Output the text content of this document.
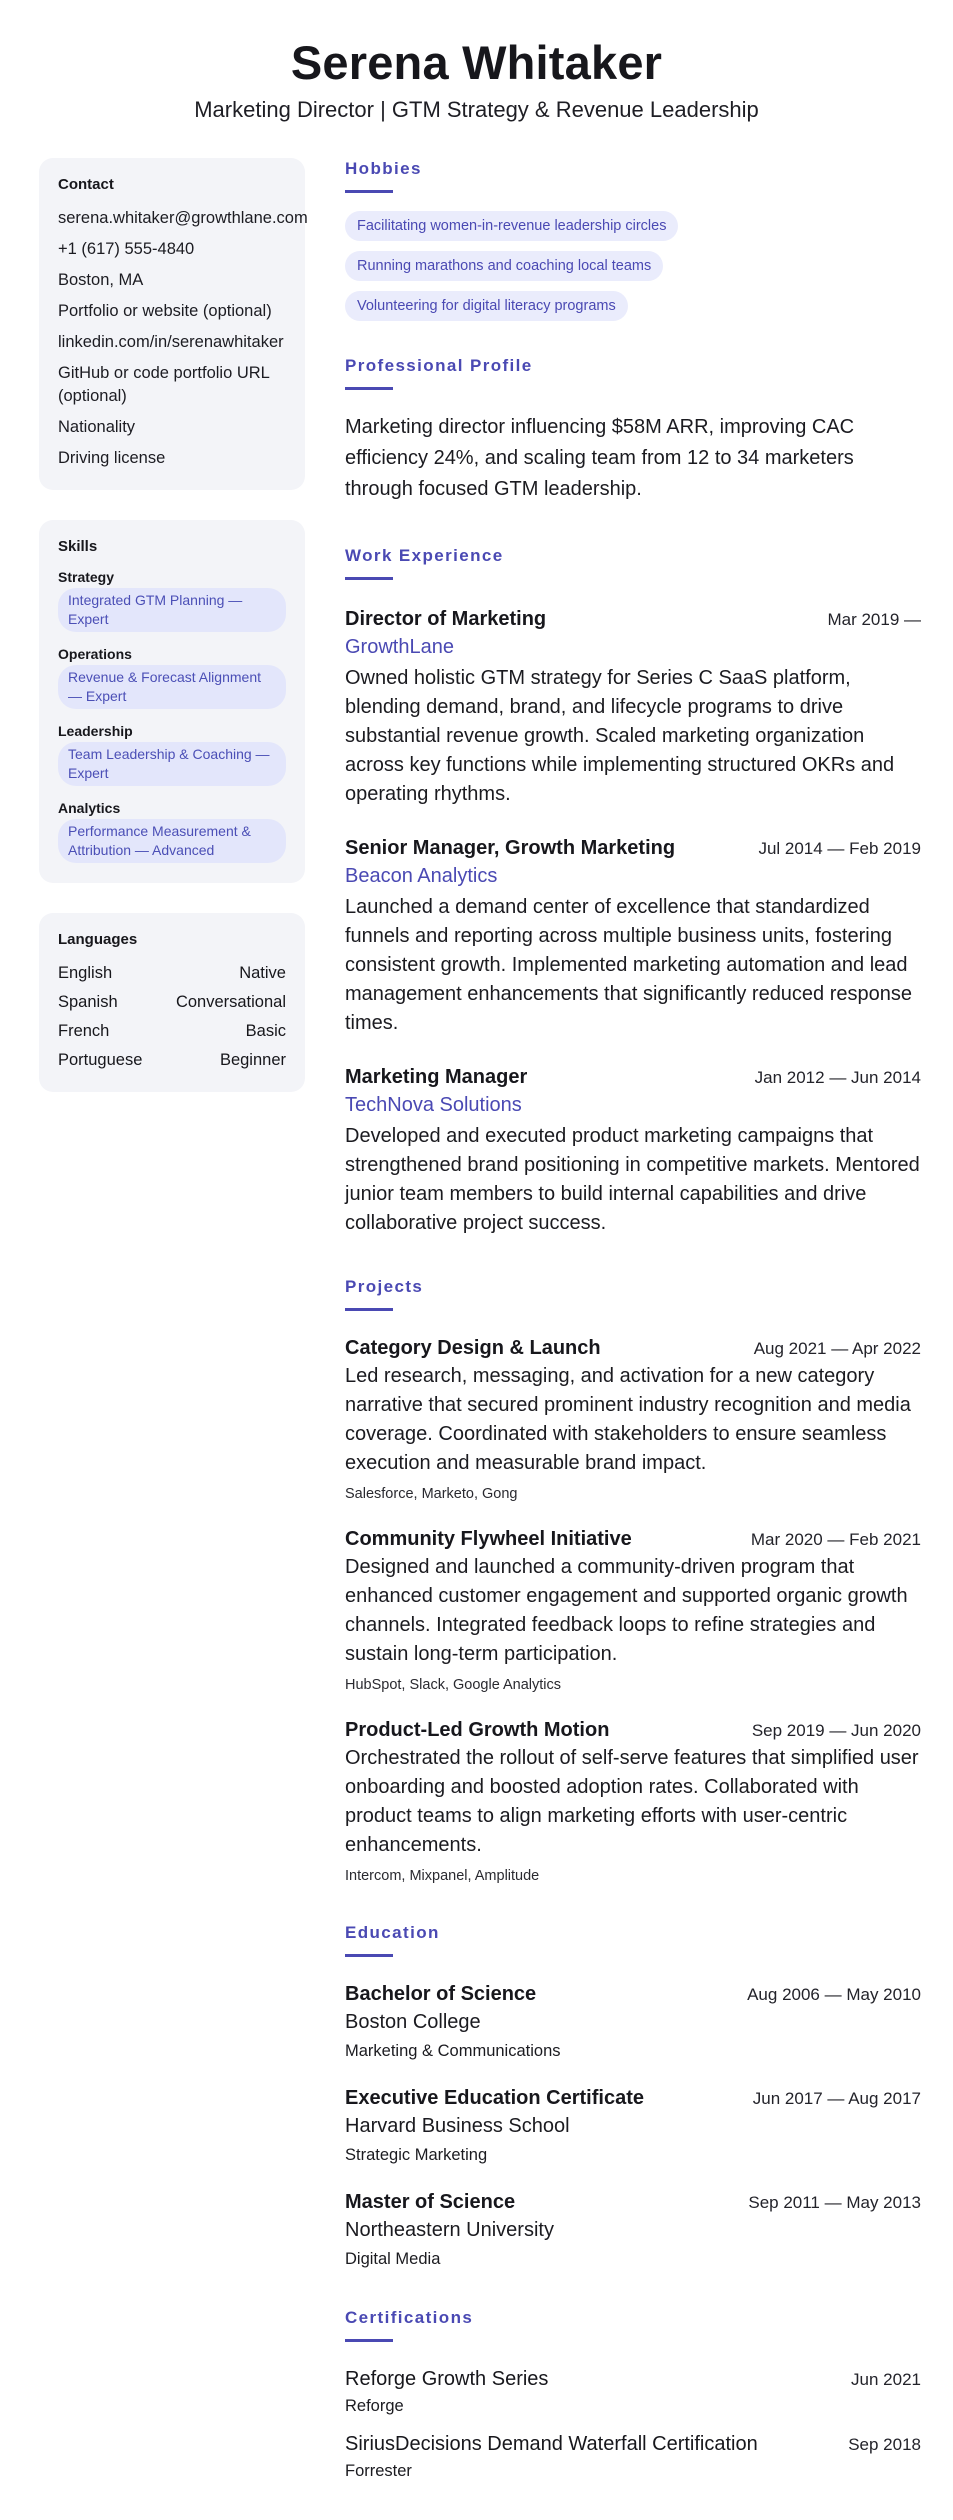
Serena Whitaker
Marketing Director | GTM Strategy & Revenue Leadership
Contact
serena.whitaker@growthlane.com
+1 (617) 555-4840
Boston, MA
Portfolio or website (optional)
linkedin.com/in/serenawhitaker
GitHub or code portfolio URL (optional)
Nationality
Driving license
Skills
Strategy
Integrated GTM Planning — Expert
Operations
Revenue & Forecast Alignment — Expert
Leadership
Team Leadership & Coaching — Expert
Analytics
Performance Measurement & Attribution — Advanced
Languages
English	Native
Spanish	Conversational
French	Basic
Portuguese	Beginner
Hobbies
Facilitating women-in-revenue leadership circles
Running marathons and coaching local teams
Volunteering for digital literacy programs
Professional Profile

Marketing director influencing $58M ARR, improving CAC efficiency 24%, and scaling team from 12 to 34 marketers through focused GTM leadership.

Work Experience
Director of Marketing	Mar 2019 —
GrowthLane
Owned holistic GTM strategy for Series C SaaS platform, blending demand, brand, and lifecycle programs to drive substantial revenue growth. Scaled marketing organization across key functions while implementing structured OKRs and operating rhythms.
Senior Manager, Growth Marketing	Jul 2014 — Feb 2019
Beacon Analytics
Launched a demand center of excellence that standardized funnels and reporting across multiple business units, fostering consistent growth. Implemented marketing automation and lead management enhancements that significantly reduced response times.
Marketing Manager	Jan 2012 — Jun 2014
TechNova Solutions
Developed and executed product marketing campaigns that strengthened brand positioning in competitive markets. Mentored junior team members to build internal capabilities and drive collaborative project success.
Projects
Category Design & Launch	Aug 2021 — Apr 2022
Led research, messaging, and activation for a new category narrative that secured prominent industry recognition and media coverage. Coordinated with stakeholders to ensure seamless execution and measurable brand impact.
Salesforce, Marketo, Gong
Community Flywheel Initiative	Mar 2020 — Feb 2021
Designed and launched a community-driven program that enhanced customer engagement and supported organic growth channels. Integrated feedback loops to refine strategies and sustain long-term participation.
HubSpot, Slack, Google Analytics
Product-Led Growth Motion	Sep 2019 — Jun 2020
Orchestrated the rollout of self-serve features that simplified user onboarding and boosted adoption rates. Collaborated with product teams to align marketing efforts with user-centric enhancements.
Intercom, Mixpanel, Amplitude
Education
Bachelor of Science	Aug 2006 — May 2010
Boston College
Marketing & Communications
Executive Education Certificate	Jun 2017 — Aug 2017
Harvard Business School
Strategic Marketing
Master of Science	Sep 2011 — May 2013
Northeastern University
Digital Media
Certifications
Reforge Growth Series	Jun 2021
Reforge
SiriusDecisions Demand Waterfall Certification	Sep 2018
Forrester
